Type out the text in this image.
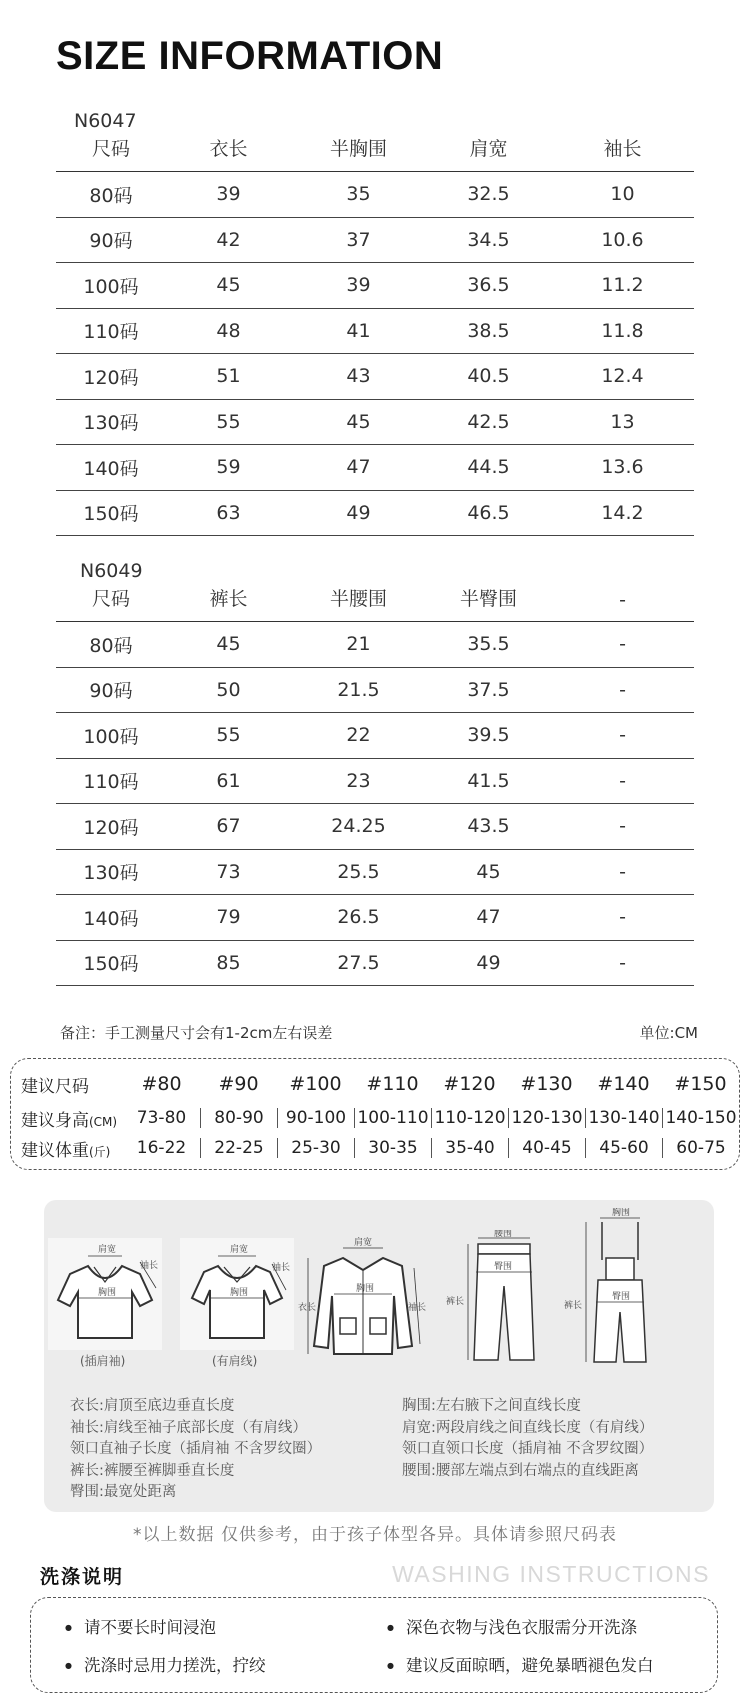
SIZE INFORMATION
N6047
尺码	衣长	半胸围	肩宽	袖长
80码	39	35	32.5	10
90码	42	37	34.5	10.6
100码	45	39	36.5	11.2
110码	48	41	38.5	11.8
120码	51	43	40.5	12.4
130码	55	45	42.5	13
140码	59	47	44.5	13.6
150码	63	49	46.5	14.2
N6049
尺码	裤长	半腰围	半臀围	-
80码	45	21	35.5	-
90码	50	21.5	37.5	-
100码	55	22	39.5	-
110码	61	23	41.5	-
120码	67	24.25	43.5	-
130码	73	25.5	45	-
140码	79	26.5	47	-
150码	85	27.5	49	-
备注：手工测量尺寸会有1-2cm左右误差	单位:CM
建议尺码	#80	#90	#100	#110	#120	#130	#140	#150
建议身高(CM)	73-80	80-90	90-100 100-110 110-120 120-130 130-140 140-150
建议体重(斤)	16-22	22-25	25-30	30-35	35-40	40-45	45-60	60-75
肩宽
胸围
袖长
(插肩袖)
肩宽
胸围
袖长
(有肩线)
肩宽
胸围
衣长	袖长
腰围
臀围
裤长
胸围
臀围
裤长
衣长:肩顶至底边垂直长度
袖长:肩线至袖子底部长度（有肩线）
领口直袖子长度（插肩袖 不含罗纹圈）
裤长:裤腰至裤脚垂直长度
臀围:最宽处距离
胸围:左右腋下之间直线长度
肩宽:两段肩线之间直线长度（有肩线）
领口直领口长度（插肩袖 不含罗纹圈）
腰围:腰部左端点到右端点的直线距离
*以上数据 仅供参考，由于孩子体型各异。具体请参照尺码表
洗涤说明	WASHING INSTRUCTIONS
● 请不要长时间浸泡	● 深色衣物与浅色衣服需分开洗涤
● 洗涤时忌用力搓洗，拧绞	● 建议反面晾晒，避免暴晒褪色发白
